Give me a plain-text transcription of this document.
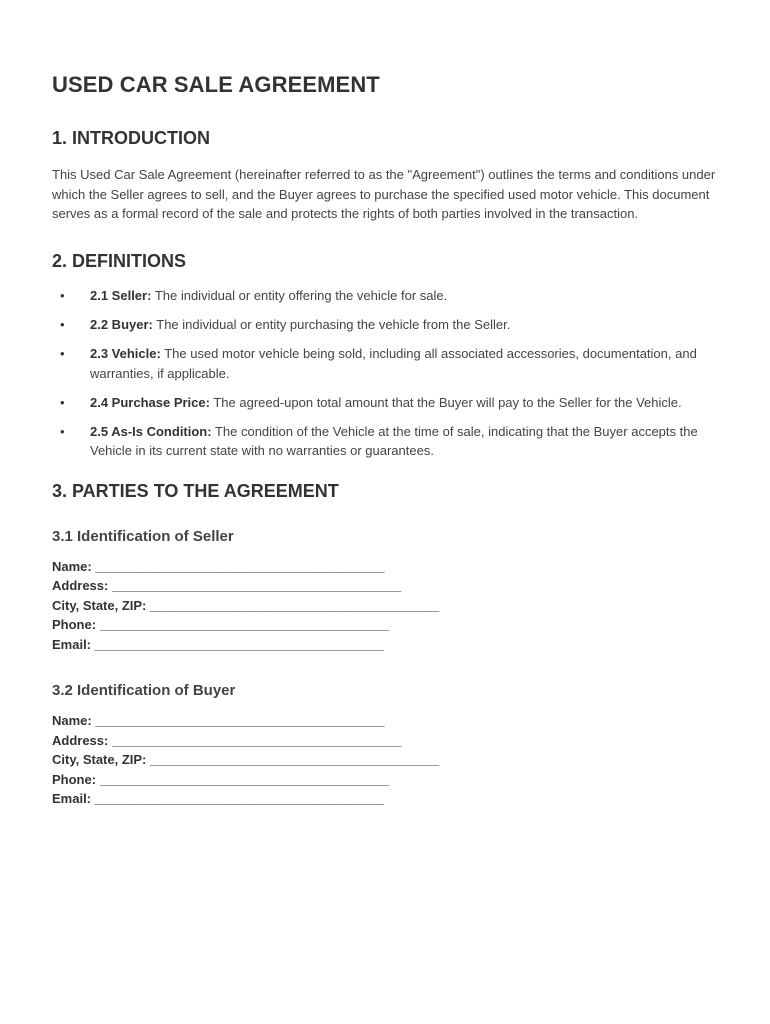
USED CAR SALE AGREEMENT
1. INTRODUCTION

This Used Car Sale Agreement (hereinafter referred to as the "Agreement") outlines the terms and conditions under which the Seller agrees to sell, and the Buyer agrees to purchase the specified used motor vehicle. This document serves as a formal record of the sale and protects the rights of both parties involved in the transaction.

2. DEFINITIONS
• 2.1 Seller: The individual or entity offering the vehicle for sale.
• 2.2 Buyer: The individual or entity purchasing the vehicle from the Seller.
• 2.3 Vehicle: The used motor vehicle being sold, including all associated accessories, documentation, and warranties, if applicable.
• 2.4 Purchase Price: The agreed-upon total amount that the Buyer will pay to the Seller for the Vehicle.
• 2.5 As-Is Condition: The condition of the Vehicle at the time of sale, indicating that the Buyer accepts the Vehicle in its current state with no warranties or guarantees.
3. PARTIES TO THE AGREEMENT
3.1 Identification of Seller
Name: ________________________________________
Address: ________________________________________
City, State, ZIP: ________________________________________
Phone: ________________________________________
Email: ________________________________________
3.2 Identification of Buyer
Name: ________________________________________
Address: ________________________________________
City, State, ZIP: ________________________________________
Phone: ________________________________________
Email: ________________________________________
